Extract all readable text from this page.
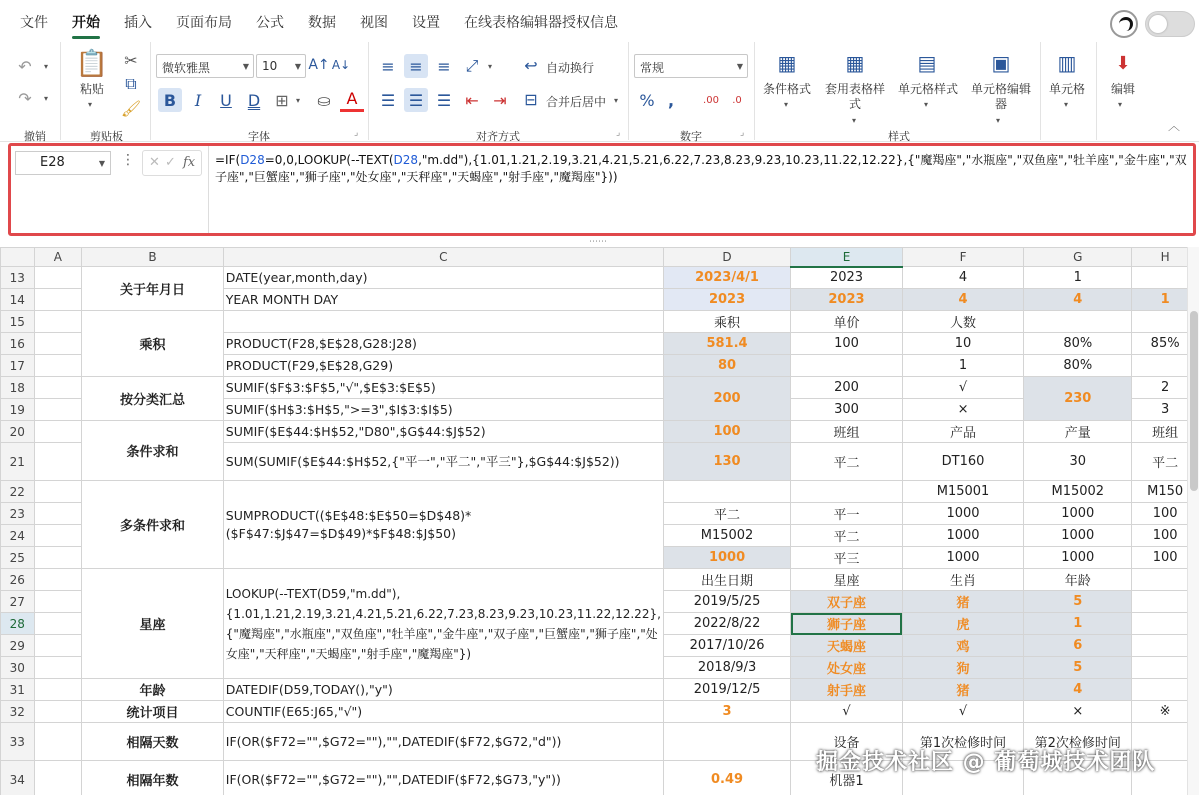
文件 开始 插入 页面布局 公式 数据 视图 设置 在线表格编辑器授权信息
↶
↷
▾
▾
撤销
📋
粘贴
▾
✂
⧉
🖌
剪贴板
微软雅黑	▼	10 ▼ A↑ A↓
B	I	U D ⊞ ▾	⛀ A
字体	⌟
≡ ≡ ≡ ⤢	▾
☰ ☰ ☰ ⇤ ⇥
↩ 自动换行
⊟ 合并后居中 ▾
对齐方式	⌟
常规	▼
% ,	.00	.0
数字	⌟
▦
条件格式
▾
▦
套用表格样式
▾
▤
单元格样式
▾
▣
单元格编辑器
▾
样式
▥
单元格
▾
⬇
编辑
▾
︿
E28	▼ ⋮ ✕ ✓ fx =IF(D28=0,0,LOOKUP(--TEXT(D28,"m.dd"),{1.01,1.21,2.19,3.21,4.21,5.21,6.22,7.23,8.23,9.23,10.23,11.22,12.22},{"魔羯座","水瓶座","双鱼座","牡羊座","金牛座","双子座","巨蟹座","狮子座","处女座","天秤座","天蝎座","射手座","魔羯座"}))
⋯⋯
	A	B	C	D	E	F	G	H
13		关于年月日	DATE(year,month,day)	2023/4/1	2023	4	1	
14			YEAR MONTH DAY	2023	2023	4	4	1
15		乘积		乘积	单价	人数		
16			PRODUCT(F28,$E$28,G28:J28)	581.4	100	10	80%	85%
17			PRODUCT(F29,$E$28,G29)	80		1	80%	
18		按分类汇总	SUMIF($F$3:$F$5,"√",$E$3:$E$5)	200	200	√	230	2
19			SUMIF($H$3:$H$5,">=3",$I$3:$I$5)		300	×		3
20		条件求和	SUMIF($E$44:$H$52,"D80",$G$44:$J$52)	100	班组	产品	产量	班组
21			SUM(SUMIF($E$44:$H$52,{"平一","平二","平三"},$G$44:$J$52))	130	平二	DT160	30	平二
22		多条件求和	SUMPRODUCT(($E$48:$E$50=$D$48)*($F$47:$J$47=$D$49)*$F$48:$J$50)			M15001	M15002	M150
23				平二	平一	1000	1000	100
24				M15002	平二	1000	1000	100
25				1000	平三	1000	1000	100
26		星座	LOOKUP(--TEXT(D59,"m.dd"),{1.01,1.21,2.19,3.21,4.21,5.21,6.22,7.23,8.23,9.23,10.23,11.22,12.22},{"魔羯座","水瓶座","双鱼座","牡羊座","金牛座","双子座","巨蟹座","狮子座","处女座","天秤座","天蝎座","射手座","魔羯座"})	出生日期	星座	生肖	年龄	
27				2019/5/25	双子座	猪	5	
28				2022/8/22	狮子座	虎	1	
29				2017/10/26	天蝎座	鸡	6	
30				2018/9/3	处女座	狗	5	
31		年龄	DATEDIF(D59,TODAY(),"y")	2019/12/5	射手座	猪	4	
32		统计项目	COUNTIF(E65:J65,"√")	3	√	√	×	※
33		相隔天数	IF(OR($F72="",$G72=""),"",DATEDIF($F72,$G72,"d"))		设备	第1次检修时间	第2次检修时间	
34		相隔年数	IF(OR($F72="",$G72=""),"",DATEDIF($F72,$G73,"y"))	0.49	机器1			
掘金技术社区 @ 葡萄城技术团队
